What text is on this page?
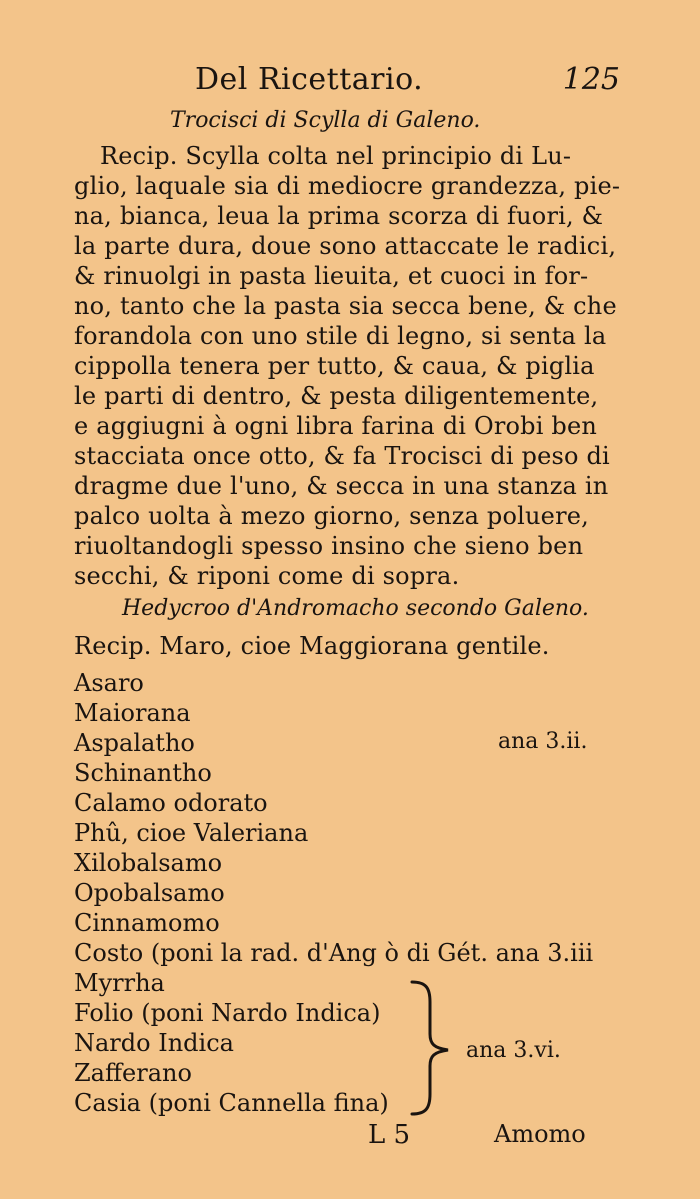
Del Ricettario.	125
Trocisci di Scylla di Galeno.
Recip. Scylla colta nel principio di Lu-
glio, laquale sia di mediocre grandezza, pie-
na, bianca, leua la prima scorza di fuori, &
la parte dura, doue sono attaccate le radici,
& rinuolgi in pasta lieuita, et cuoci in for-
no, tanto che la pasta sia secca bene, & che
forandola con uno stile di legno, si senta la
cippolla tenera per tutto, & caua, & piglia
le parti di dentro, & pesta diligentemente,
e aggiugni à ogni libra farina di Orobi ben
stacciata once otto, & fa Trocisci di peso di
dragme due l'uno, & secca in una stanza in
palco uolta à mezo giorno, senza poluere,
riuoltandogli spesso insino che sieno ben
secchi, & riponi come di sopra.
Hedycroo d'Andromacho secondo Galeno.
Recip. Maro, cioe Maggiorana gentile.
Asaro
Maiorana
Aspalatho
Schinantho
Calamo odorato
Phû, cioe Valeriana
Xilobalsamo
Opobalsamo
Cinnamomo
Costo (poni la rad. d'Ang ò di Gét. ana 3.iii
Myrrha
Folio (poni Nardo Indica)
Nardo Indica
Zafferano
Casia (poni Cannella fina)
ana 3.ii.
ana 3.vi.
L 5	Amomo
